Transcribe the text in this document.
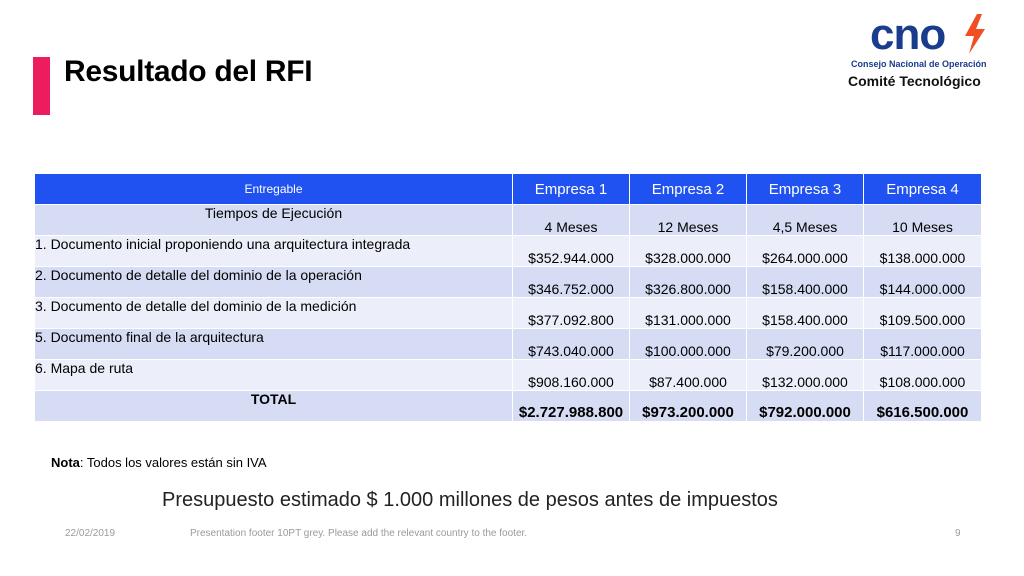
Resultado del RFI
cno
Consejo Nacional de Operación
Comité Tecnológico
Entregable	Empresa 1	Empresa 2	Empresa 3	Empresa 4
Tiempos de Ejecución	4 Meses	12 Meses	4,5 Meses	10 Meses
1. Documento inicial proponiendo una arquitectura integrada	$352.944.000	$328.000.000	$264.000.000	$138.000.000
2. Documento de detalle del dominio de la operación	$346.752.000	$326.800.000	$158.400.000	$144.000.000
3. Documento de detalle del dominio de la medición	$377.092.800	$131.000.000	$158.400.000	$109.500.000
5. Documento final de la arquitectura	$743.040.000	$100.000.000	$79.200.000	$117.000.000
6. Mapa de ruta	$908.160.000	$87.400.000	$132.000.000	$108.000.000
TOTAL	$2.727.988.800	$973.200.000	$792.000.000	$616.500.000
Nota: Todos los valores están sin IVA
Presupuesto estimado $ 1.000 millones de pesos antes de impuestos
22/02/2019	Presentation footer 10PT grey. Please add the relevant country to the footer.	9
